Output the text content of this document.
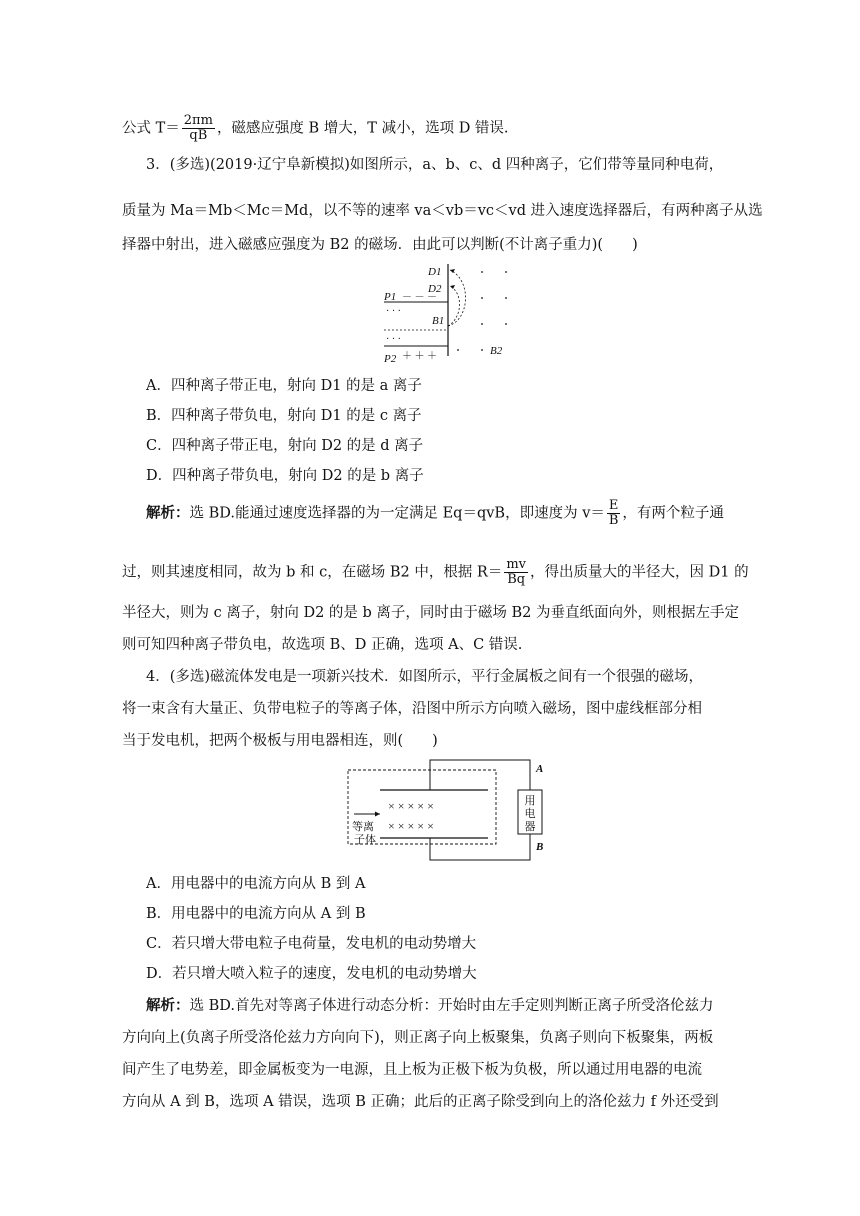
公式 $T= \frac{2\pi m}{qB}$ ，磁感应强度 B 增大，T 减小，选项 D 错误.
3．(多选)(2019·辽宁阜新模拟)如图所示，a、b、c、d 四种离子，它们带等量同种电荷，
质量为 Ma＝Mb＜Mc＝Md，以不等的速率 va＜vb＝vc＜vd 进入速度选择器后，有两种离子从选
择器中射出，进入磁感应强度为 B2 的磁场．由此可以判断(不计离子重力)(　　)
D1
D2
P1 － － －
· · ·
B1
· · ·
P2 ＋ ＋ ＋	B2
A．四种离子带正电，射向 D1 的是 a 离子
B．四种离子带负电，射向 D1 的是 c 离子
C．四种离子带正电，射向 D2 的是 d 离子
D．四种离子带负电，射向 D2 的是 b 离子
解析：选 BD.能通过速度选择器的为一定满足 Eq＝qvB，即速度为 $v= \frac{E}{B}$ ，有两个粒子通
过，则其速度相同，故为 b 和 c，在磁场 B2 中，根据 $R= \frac{mv}{Bq}$ ，得出质量大的半径大，因 D1 的
半径大，则为 c 离子，射向 D2 的是 b 离子，同时由于磁场 B2 为垂直纸面向外，则根据左手定
则可知四种离子带负电，故选项 B、D 正确，选项 A、C 错误.
4．(多选)磁流体发电是一项新兴技术．如图所示，平行金属板之间有一个很强的磁场，
将一束含有大量正、负带电粒子的等离子体，沿图中所示方向喷入磁场，图中虚线框部分相
当于发电机，把两个极板与用电器相连，则(　　)
用
电
器
A
B
× × × × ×
× × × × ×
等离
子体
A．用电器中的电流方向从 B 到 A
B．用电器中的电流方向从 A 到 B
C．若只增大带电粒子电荷量，发电机的电动势增大
D．若只增大喷入粒子的速度，发电机的电动势增大
解析：选 BD.首先对等离子体进行动态分析：开始时由左手定则判断正离子所受洛伦兹力
方向向上(负离子所受洛伦兹力方向向下)，则正离子向上板聚集，负离子则向下板聚集，两板
间产生了电势差，即金属板变为一电源，且上板为正极下板为负极，所以通过用电器的电流
方向从 A 到 B，选项 A 错误，选项 B 正确；此后的正离子除受到向上的洛伦兹力 f 外还受到
